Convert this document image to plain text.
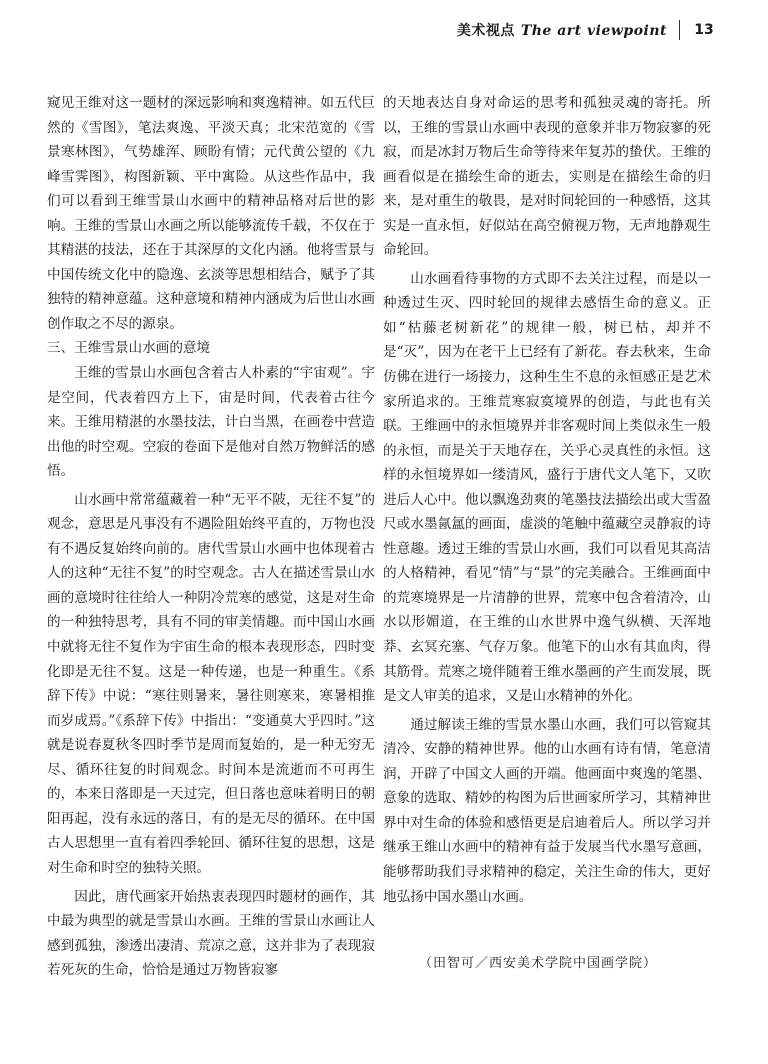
美术视点 The art viewpoint	13

窥见王维对这一题材的深远影响和爽逸精神。如五代巨然的《雪图》，笔法爽逸、平淡天真；北宋范宽的《雪景寒林图》，气势雄浑、顾盼有情；元代黄公望的《九峰雪霁图》，构图新颖、平中寓险。从这些作品中，我们可以看到王维雪景山水画中的精神品格对后世的影响。王维的雪景山水画之所以能够流传千载，不仅在于其精湛的技法，还在于其深厚的文化内涵。他将雪景与中国传统文化中的隐逸、玄淡等思想相结合，赋予了其独特的精神意蕴。这种意境和精神内涵成为后世山水画创作取之不尽的源泉。

三、王维雪景山水画的意境

王维的雪景山水画包含着古人朴素的“宇宙观”。宇是空间，代表着四方上下，宙是时间，代表着古往今来。王维用精湛的水墨技法，计白当黑，在画卷中营造出他的时空观。空寂的卷面下是他对自然万物鲜活的感悟。

山水画中常常蕴藏着一种“无平不陂，无往不复”的观念，意思是凡事没有不遇险阻始终平直的，万物也没有不遇反复始终向前的。唐代雪景山水画中也体现着古人的这种“无往不复”的时空观念。古人在描述雪景山水画的意境时往往给人一种阴冷荒寒的感觉，这是对生命的一种独特思考，具有不同的审美情趣。而中国山水画中就将无往不复作为宇宙生命的根本表现形态，四时变化即是无往不复。这是一种传递，也是一种重生。《系辞下传》中说：“寒往则暑来，暑往则寒来，寒暑相推而岁成焉。”《系辞下传》中指出：“变通莫大乎四时。”这就是说春夏秋冬四时季节是周而复始的，是一种无穷无尽、循环往复的时间观念。时间本是流逝而不可再生的，本来日落即是一天过完，但日落也意味着明日的朝阳再起，没有永远的落日，有的是无尽的循环。在中国古人思想里一直有着四季轮回、循环往复的思想，这是对生命和时空的独特关照。

因此，唐代画家开始热衷表现四时题材的画作，其中最为典型的就是雪景山水画。王维的雪景山水画让人感到孤独，渗透出凄清、荒凉之意，这并非为了表现寂若死灰的生命，恰恰是通过万物皆寂寥

的天地表达自身对命运的思考和孤独灵魂的寄托。所以，王维的雪景山水画中表现的意象并非万物寂寥的死寂，而是冰封万物后生命等待来年复苏的蛰伏。王维的画看似是在描绘生命的逝去，实则是在描绘生命的归来，是对重生的敬畏，是对时间轮回的一种感悟，这其实是一直永恒，好似站在高空俯视万物，无声地静观生命轮回。

山水画看待事物的方式即不去关注过程，而是以一种透过生灭、四时轮回的规律去感悟生命的意义。正如“枯藤老树新花”的规律一般，树已枯，却并不是“灭”，因为在老干上已经有了新花。春去秋来，生命仿佛在进行一场接力，这种生生不息的永恒感正是艺术家所追求的。王维荒寒寂寞境界的创造，与此也有关联。王维画中的永恒境界并非客观时间上类似永生一般的永恒，而是关于天地存在，关乎心灵真性的永恒。这样的永恒境界如一缕清风，盛行于唐代文人笔下，又吹进后人心中。他以飘逸劲爽的笔墨技法描绘出或大雪盈尺或水墨氤氲的画面，虚淡的笔触中蕴藏空灵静寂的诗性意趣。透过王维的雪景山水画，我们可以看见其高洁的人格精神，看见“情”与“景”的完美融合。王维画面中的荒寒境界是一片清静的世界，荒寒中包含着清冷，山水以形媚道，在王维的山水世界中逸气纵横、天浑地莽、玄冥充塞、气存万象。他笔下的山水有其血肉，得其筋骨。荒寒之境伴随着王维水墨画的产生而发展，既是文人审美的追求，又是山水精神的外化。

通过解读王维的雪景水墨山水画，我们可以管窥其清冷、安静的精神世界。他的山水画有诗有情，笔意清润，开辟了中国文人画的开端。他画面中爽逸的笔墨、意象的选取、精妙的构图为后世画家所学习，其精神世界中对生命的体验和感悟更是启迪着后人。所以学习并继承王维山水画中的精神有益于发展当代水墨写意画，能够帮助我们寻求精神的稳定，关注生命的伟大，更好地弘扬中国水墨山水画。

（田智可／西安美术学院中国画学院）
